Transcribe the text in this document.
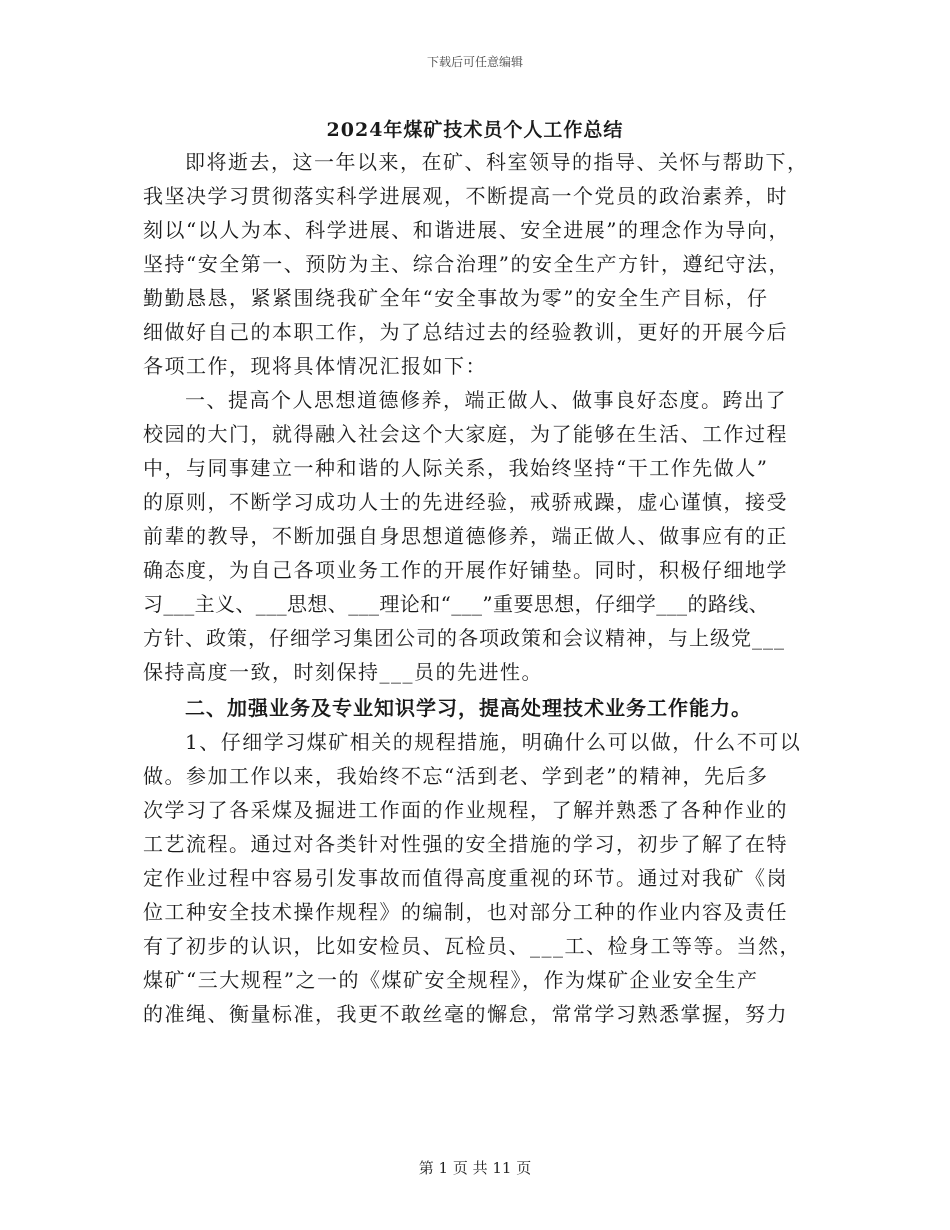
下载后可任意编辑
2024年煤矿技术员个人工作总结
即将逝去，这一年以来，在矿、科室领导的指导、关怀与帮助下，
我坚决学习贯彻落实科学进展观，不断提高一个党员的政治素养，时
刻以“以人为本、科学进展、和谐进展、安全进展”的理念作为导向，
坚持“安全第一、预防为主、综合治理”的安全生产方针，遵纪守法，
勤勤恳恳，紧紧围绕我矿全年“安全事故为零”的安全生产目标，仔
细做好自己的本职工作，为了总结过去的经验教训，更好的开展今后
各项工作，现将具体情况汇报如下：
一、提高个人思想道德修养，端正做人、做事良好态度。跨出了
校园的大门，就得融入社会这个大家庭，为了能够在生活、工作过程
中，与同事建立一种和谐的人际关系，我始终坚持“干工作先做人”
的原则，不断学习成功人士的先进经验，戒骄戒躁，虚心谨慎，接受
前辈的教导，不断加强自身思想道德修养，端正做人、做事应有的正
确态度，为自己各项业务工作的开展作好铺垫。同时，积极仔细地学
习___主义、___思想、___理论和“___”重要思想，仔细学___的路线、
方针、政策，仔细学习集团公司的各项政策和会议精神，与上级党___
保持高度一致，时刻保持___员的先进性。
二、加强业务及专业知识学习，提高处理技术业务工作能力。
1、仔细学习煤矿相关的规程措施，明确什么可以做，什么不可以
做。参加工作以来，我始终不忘“活到老、学到老”的精神，先后多
次学习了各采煤及掘进工作面的作业规程，了解并熟悉了各种作业的
工艺流程。通过对各类针对性强的安全措施的学习，初步了解了在特
定作业过程中容易引发事故而值得高度重视的环节。通过对我矿《岗
位工种安全技术操作规程》的编制，也对部分工种的作业内容及责任
有了初步的认识，比如安检员、瓦检员、___工、检身工等等。当然，
煤矿“三大规程”之一的《煤矿安全规程》，作为煤矿企业安全生产
的准绳、衡量标准，我更不敢丝毫的懈怠，常常学习熟悉掌握，努力
第 1 页 共 11 页
